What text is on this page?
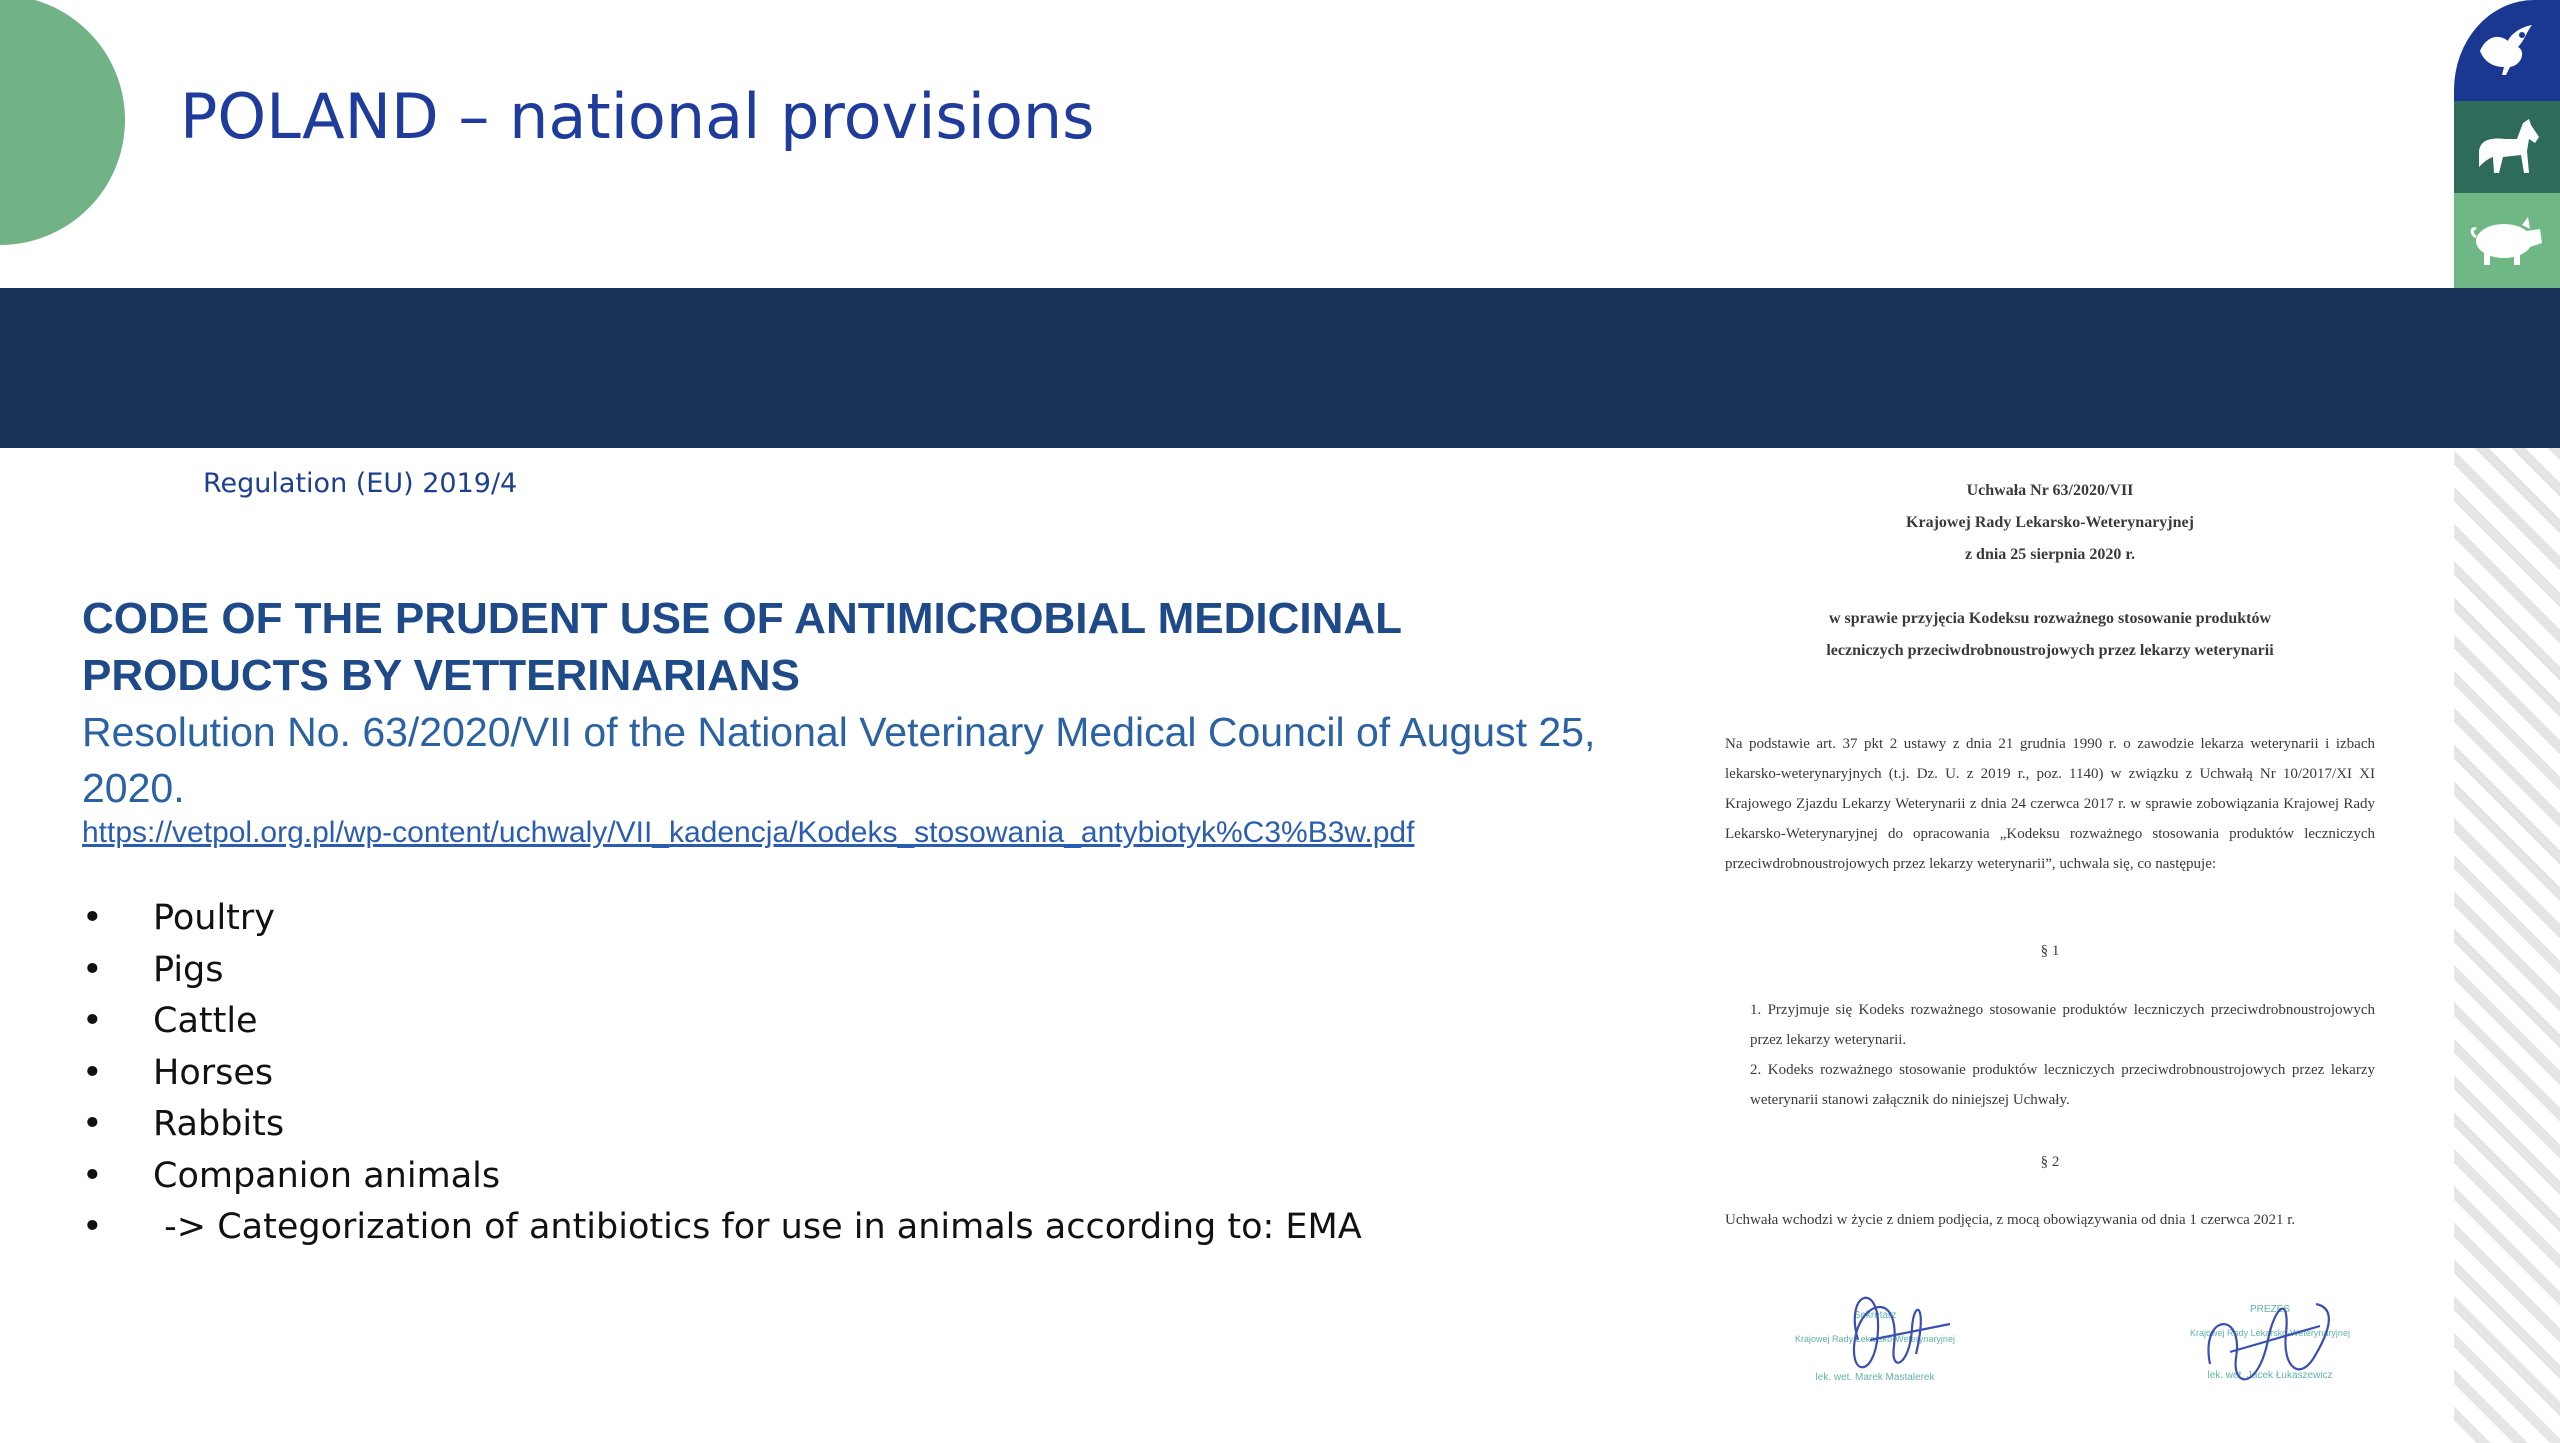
POLAND – national provisions
Regulation (EU) 2019/4
CODE OF THE PRUDENT USE OF ANTIMICROBIAL MEDICINAL PRODUCTS BY VETTERINARIANS
Resolution No. 63/2020/VII of the National Veterinary Medical Council of August 25, 2020.
https://vetpol.org.pl/wp-content/uchwaly/VII_kadencja/Kodeks_stosowania_antybiotyk%C3%B3w.pdf
•	Poultry
•	Pigs
•	Cattle
•	Horses
•	Rabbits
•	Companion animals
•	-> Categorization of antibiotics for use in animals according to: EMA
Uchwała Nr 63/2020/VII
Krajowej Rady Lekarsko-Weterynaryjnej
z dnia 25 sierpnia 2020 r.
w sprawie przyjęcia Kodeksu rozważnego stosowanie produktów
leczniczych przeciwdrobnoustrojowych przez lekarzy weterynarii
Na podstawie art. 37 pkt 2 ustawy z dnia 21 grudnia 1990 r. o zawodzie lekarza weterynarii i izbach lekarsko-weterynaryjnych (t.j. Dz. U. z 2019 r., poz. 1140) w związku z Uchwałą Nr 10/2017/XI XI Krajowego Zjazdu Lekarzy Weterynarii z dnia 24 czerwca 2017 r. w sprawie zobowiązania Krajowej Rady Lekarsko-Weterynaryjnej do opracowania „Kodeksu rozważnego stosowania produktów leczniczych przeciwdrobnoustrojowych przez lekarzy weterynarii”, uchwala się, co następuje:
§ 1
1. Przyjmuje się Kodeks rozważnego stosowanie produktów leczniczych przeciwdrobnoustrojowych przez lekarzy weterynarii.
2. Kodeks rozważnego stosowanie produktów leczniczych przeciwdrobnoustrojowych przez lekarzy weterynarii stanowi załącznik do niniejszej Uchwały.
§ 2
Uchwała wchodzi w życie z dniem podjęcia, z mocą obowiązywania od dnia 1 czerwca 2021 r.
Sekretarz
Krajowej Rady Lekarsko-Weterynaryjnej
lek. wet. Marek Mastalerek
PREZES
Krajowej Rady Lekarsko-Weterynaryjnej
lek. wet. Jacek Łukaszewicz
